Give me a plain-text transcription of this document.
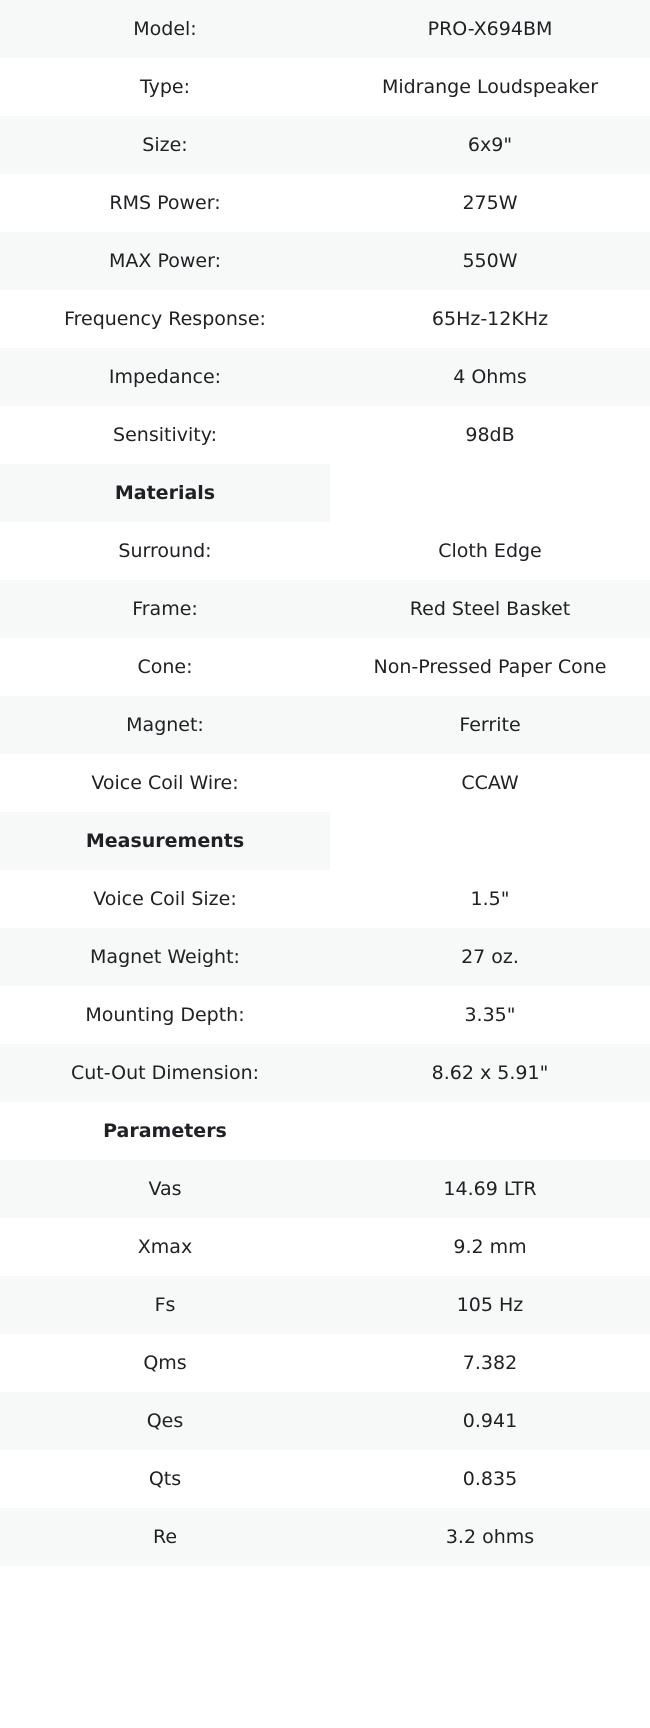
Model:	PRO-X694BM
Type:	Midrange Loudspeaker
Size:	6x9"
RMS Power:	275W
MAX Power:	550W
Frequency Response:	65Hz-12KHz
Impedance:	4 Ohms
Sensitivity:	98dB
Materials	
Surround:	Cloth Edge
Frame:	Red Steel Basket
Cone:	Non-Pressed Paper Cone
Magnet:	Ferrite
Voice Coil Wire:	CCAW
Measurements	
Voice Coil Size:	1.5"
Magnet Weight:	27 oz.
Mounting Depth:	3.35"
Cut-Out Dimension:	8.62 x 5.91"
Parameters	
Vas	14.69 LTR
Xmax	9.2 mm
Fs	105 Hz
Qms	7.382
Qes	0.941
Qts	0.835
Re	3.2 ohms
